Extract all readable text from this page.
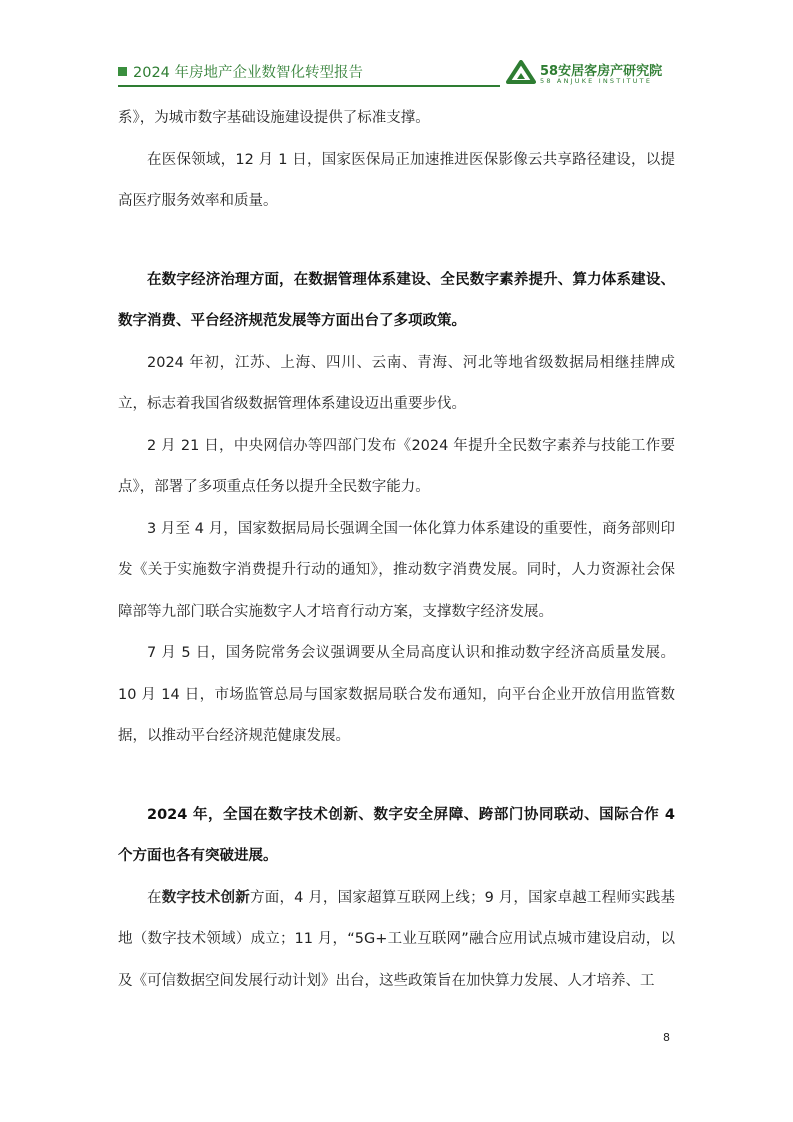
2024 年房地产企业数智化转型报告	58安居客房产研究院
58 ANJUKE INSTITUTE

系》，为城市数字基础设施建设提供了标准支撑。

在医保领域，12 月 1 日，国家医保局正加速推进医保影像云共享路径建设，以提高医疗服务效率和质量。

在数字经济治理方面，在数据管理体系建设、全民数字素养提升、算力体系建设、数字消费、平台经济规范发展等方面出台了多项政策。

2024 年初，江苏、上海、四川、云南、青海、河北等地省级数据局相继挂牌成立，标志着我国省级数据管理体系建设迈出重要步伐。

2 月 21 日，中央网信办等四部门发布《2024 年提升全民数字素养与技能工作要点》，部署了多项重点任务以提升全民数字能力。

3 月至 4 月，国家数据局局长强调全国一体化算力体系建设的重要性，商务部则印发《关于实施数字消费提升行动的通知》，推动数字消费发展。同时，人力资源社会保障部等九部门联合实施数字人才培育行动方案，支撑数字经济发展。

7 月 5 日，国务院常务会议强调要从全局高度认识和推动数字经济高质量发展。10 月 14 日，市场监管总局与国家数据局联合发布通知，向平台企业开放信用监管数据，以推动平台经济规范健康发展。

2024 年，全国在数字技术创新、数字安全屏障、跨部门协同联动、国际合作 4 个方面也各有突破进展。

在数字技术创新方面，4 月，国家超算互联网上线；9 月，国家卓越工程师实践基地（数字技术领域）成立；11 月，“5G+工业互联网”融合应用试点城市建设启动，以及《可信数据空间发展行动计划》出台，这些政策旨在加快算力发展、人才培养、工

8
